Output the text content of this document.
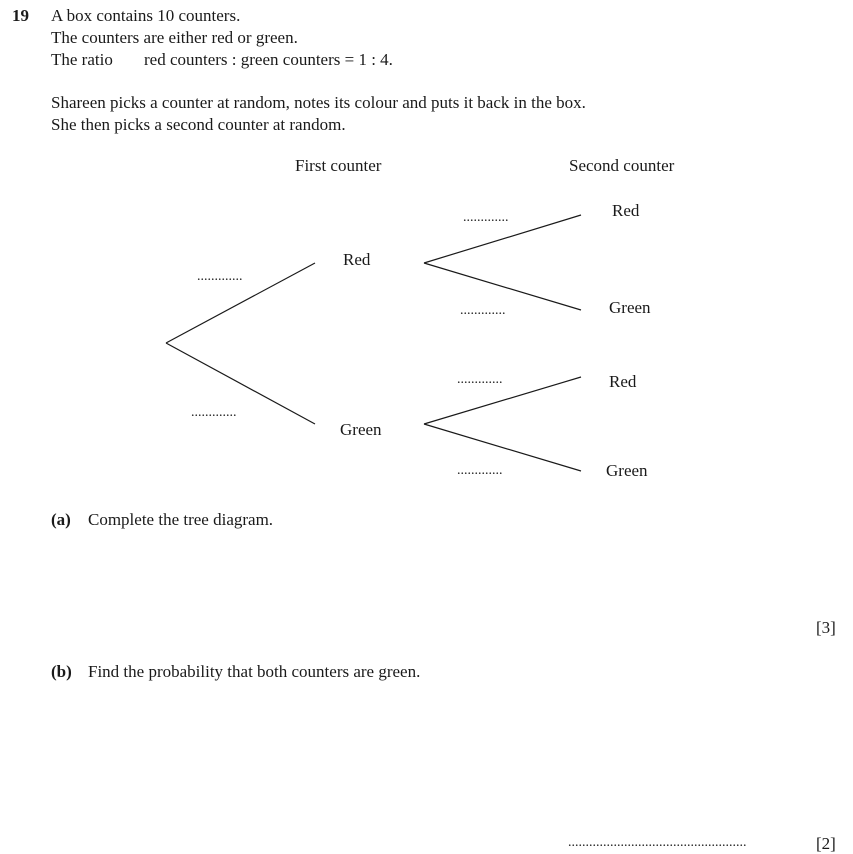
19 A box contains 10 counters.
The counters are either red or green.
The ratio red counters : green counters = 1 : 4.
Shareen picks a counter at random, notes its colour and puts it back in the box.
She then picks a second counter at random.
First counter	Second counter
Red
Green
Red
Green
Red
Green
.............
.............
.............
.............
.............
.............
(a) Complete the tree diagram.
[3]
(b) Find the probability that both counters are green.
...................................................	[2]
